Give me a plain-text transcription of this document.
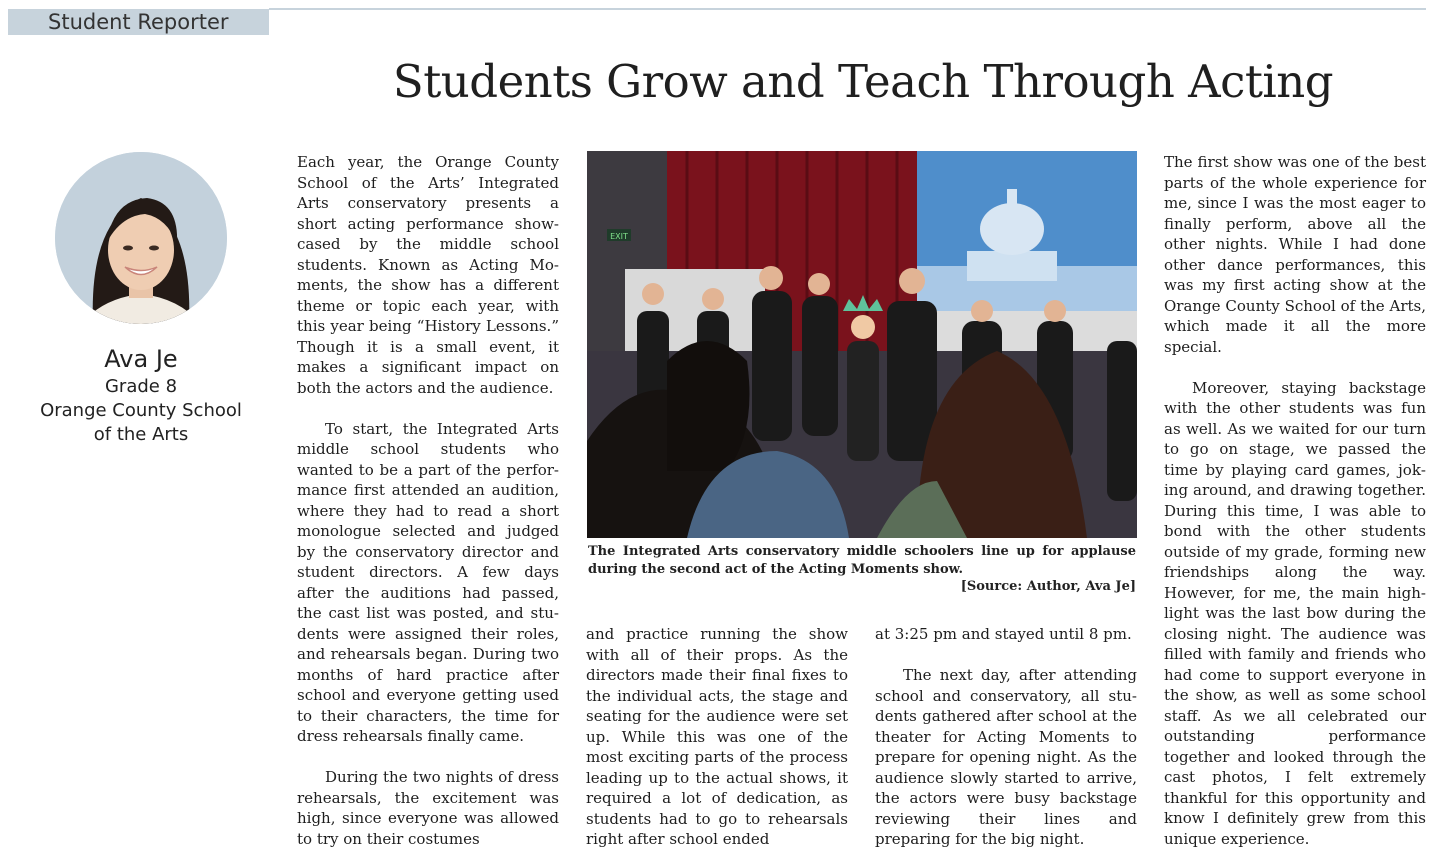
Student Reporter
Students Grow and Teach Through Acting
Ava Je
Grade 8
Orange County School
of the Arts

Each year, the Orange County School of the Arts’ Integrated Arts conservatory presents a short acting performance showcased by the middle school students. Known as Acting Moments, the show has a different theme or topic each year, with this year being “History Lessons.” Though it is a small event, it makes a significant impact on both the actors and the audience.

To start, the Integrated Arts middle school students who wanted to be a part of the performance first attended an audition, where they had to read a short monologue selected and judged by the conservatory director and student directors. A few days after the auditions had passed, the cast list was posted, and students were assigned their roles, and rehearsals began. During two months of hard practice after school and everyone getting used to their characters, the time for dress rehearsals finally came.

During the two nights of dress rehearsals, the excitement was high, since everyone was allowed to try on their costumes

EXIT
The Integrated Arts conservatory middle schoolers line up for applause during the second act of the Acting Moments show.
[Source: Author, Ava Je]

and practice running the show with all of their props. As the directors made their final fixes to the individual acts, the stage and seating for the audience were set up. While this was one of the most exciting parts of the process leading up to the actual shows, it required a lot of dedication, as students had to go to rehearsals right after school ended

at 3:25 pm and stayed until 8 pm.

The next day, after attending school and conservatory, all students gathered after school at the theater for Acting Moments to prepare for opening night. As the audience slowly started to arrive, the actors were busy backstage reviewing their lines and preparing for the big night.

The first show was one of the best parts of the whole experience for me, since I was the most eager to finally perform, above all the other nights. While I had done other dance performances, this was my first acting show at the Orange County School of the Arts, which made it all the more special.

Moreover, staying backstage with the other students was fun as well. As we waited for our turn to go on stage, we passed the time by playing card games, joking around, and drawing together. During this time, I was able to bond with the other students outside of my grade, forming new friendships along the way. However, for me, the main highlight was the last bow during the closing night. The audience was filled with family and friends who had come to support everyone in the show, as well as some school staff. As we all celebrated our outstanding performance together and looked through the cast photos, I felt extremely thankful for this opportunity and know I definitely grew from this unique experience.
